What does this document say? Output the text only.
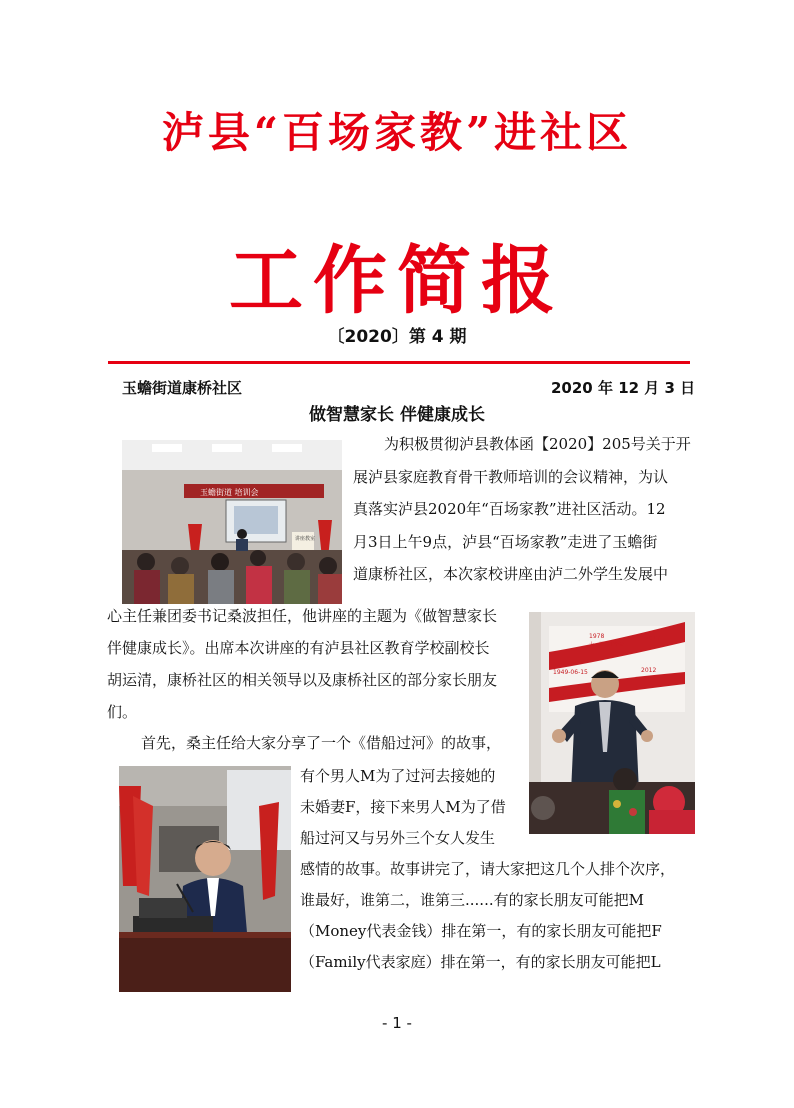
泸县“百场家教”进社区
工作简报
〔2020〕第 4 期
玉蟾街道康桥社区	2020 年 12 月 3 日
做智慧家长 伴健康成长
玉蟾街道 培训会
讲座教室
1978
十一届三中全会
2017
2012
1949-06-15
1956
为积极贯彻泸县教体函【2020】205号关于开
展泸县家庭教育骨干教师培训的会议精神，为认
真落实泸县2020年“百场家教”进社区活动。12
月3日上午9点，泸县“百场家教”走进了玉蟾街
道康桥社区，本次家校讲座由泸二外学生发展中
心主任兼团委书记桑波担任，他讲座的主题为《做智慧家长
伴健康成长》。出席本次讲座的有泸县社区教育学校副校长
胡运清，康桥社区的相关领导以及康桥社区的部分家长朋友
们。
首先，桑主任给大家分享了一个《借船过河》的故事，
有个男人M为了过河去接她的
未婚妻F，接下来男人M为了借
船过河又与另外三个女人发生
感情的故事。故事讲完了，请大家把这几个人排个次序，
谁最好，谁第二，谁第三......有的家长朋友可能把M
（Money代表金钱）排在第一，有的家长朋友可能把F
（Family代表家庭）排在第一，有的家长朋友可能把L
- 1 -
